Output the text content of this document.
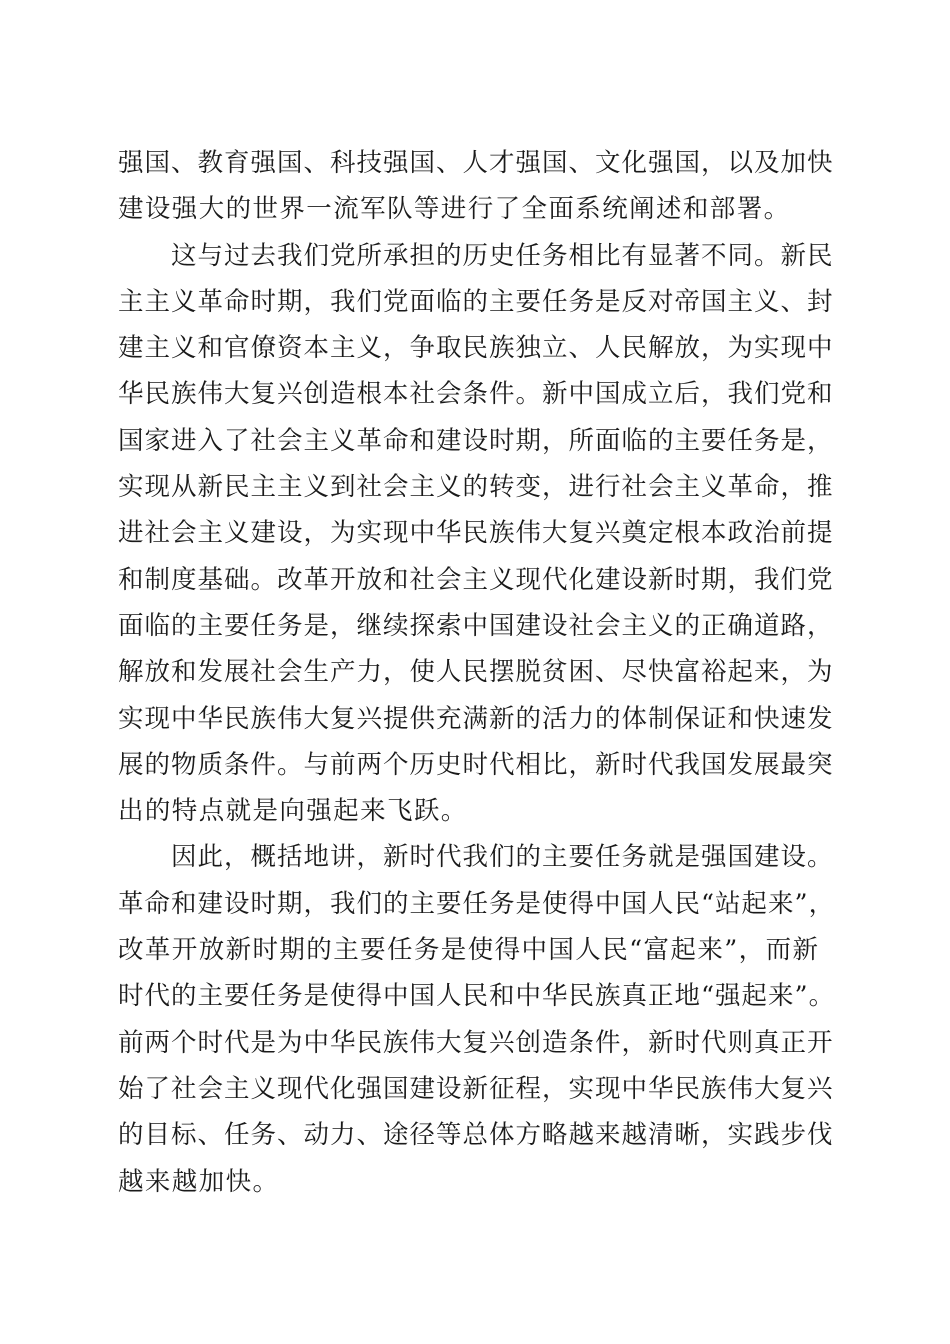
强国、教育强国、科技强国、人才强国、文化强国，以及加快
建设强大的世界一流军队等进行了全面系统阐述和部署。
这与过去我们党所承担的历史任务相比有显著不同。新民
主主义革命时期，我们党面临的主要任务是反对帝国主义、封
建主义和官僚资本主义，争取民族独立、人民解放，为实现中
华民族伟大复兴创造根本社会条件。新中国成立后，我们党和
国家进入了社会主义革命和建设时期，所面临的主要任务是，
实现从新民主主义到社会主义的转变，进行社会主义革命，推
进社会主义建设，为实现中华民族伟大复兴奠定根本政治前提
和制度基础。改革开放和社会主义现代化建设新时期，我们党
面临的主要任务是，继续探索中国建设社会主义的正确道路，
解放和发展社会生产力，使人民摆脱贫困、尽快富裕起来，为
实现中华民族伟大复兴提供充满新的活力的体制保证和快速发
展的物质条件。与前两个历史时代相比，新时代我国发展最突
出的特点就是向强起来飞跃。
因此，概括地讲，新时代我们的主要任务就是强国建设。
革命和建设时期，我们的主要任务是使得中国人民“站起来”，
改革开放新时期的主要任务是使得中国人民“富起来”，而新
时代的主要任务是使得中国人民和中华民族真正地“强起来”。
前两个时代是为中华民族伟大复兴创造条件，新时代则真正开
始了社会主义现代化强国建设新征程，实现中华民族伟大复兴
的目标、任务、动力、途径等总体方略越来越清晰，实践步伐
越来越加快。
